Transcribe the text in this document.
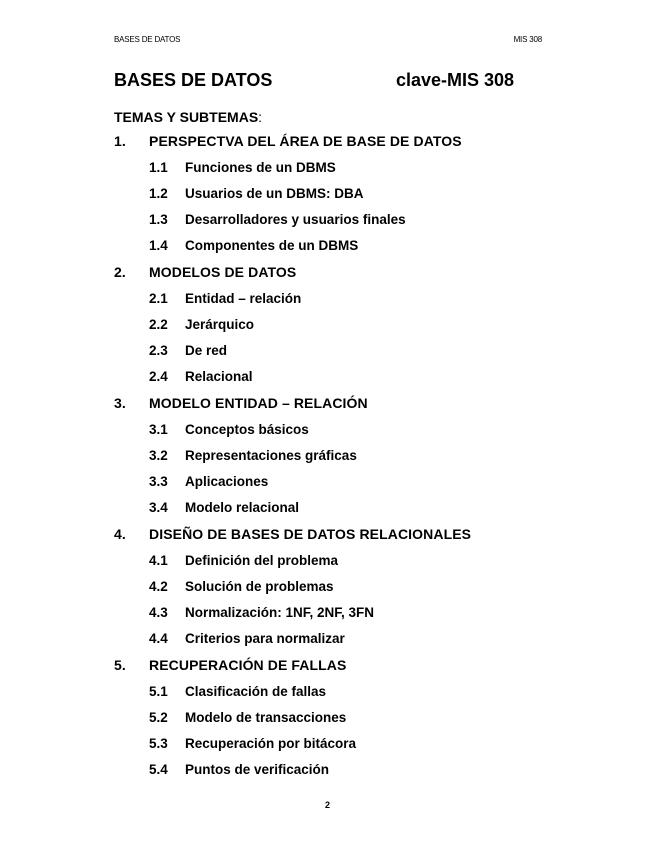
BASES DE DATOS	MIS 308
BASES DE DATOS	clave-MIS 308
TEMAS Y SUBTEMAS:
1.	PERSPECTVA DEL ÁREA DE BASE DE DATOS
1.1	Funciones de un DBMS
1.2	Usuarios de un DBMS: DBA
1.3	Desarrolladores y usuarios finales
1.4	Componentes de un DBMS
2.	MODELOS DE DATOS
2.1	Entidad – relación
2.2	Jerárquico
2.3	De red
2.4	Relacional
3.	MODELO ENTIDAD – RELACIÓN
3.1	Conceptos básicos
3.2	Representaciones gráficas
3.3	Aplicaciones
3.4	Modelo relacional
4.	DISEÑO DE BASES DE DATOS RELACIONALES
4.1	Definición del problema
4.2	Solución de problemas
4.3	Normalización: 1NF, 2NF, 3FN
4.4	Criterios para normalizar
5.	RECUPERACIÓN DE FALLAS
5.1	Clasificación de fallas
5.2	Modelo de transacciones
5.3	Recuperación por bitácora
5.4	Puntos de verificación
2
